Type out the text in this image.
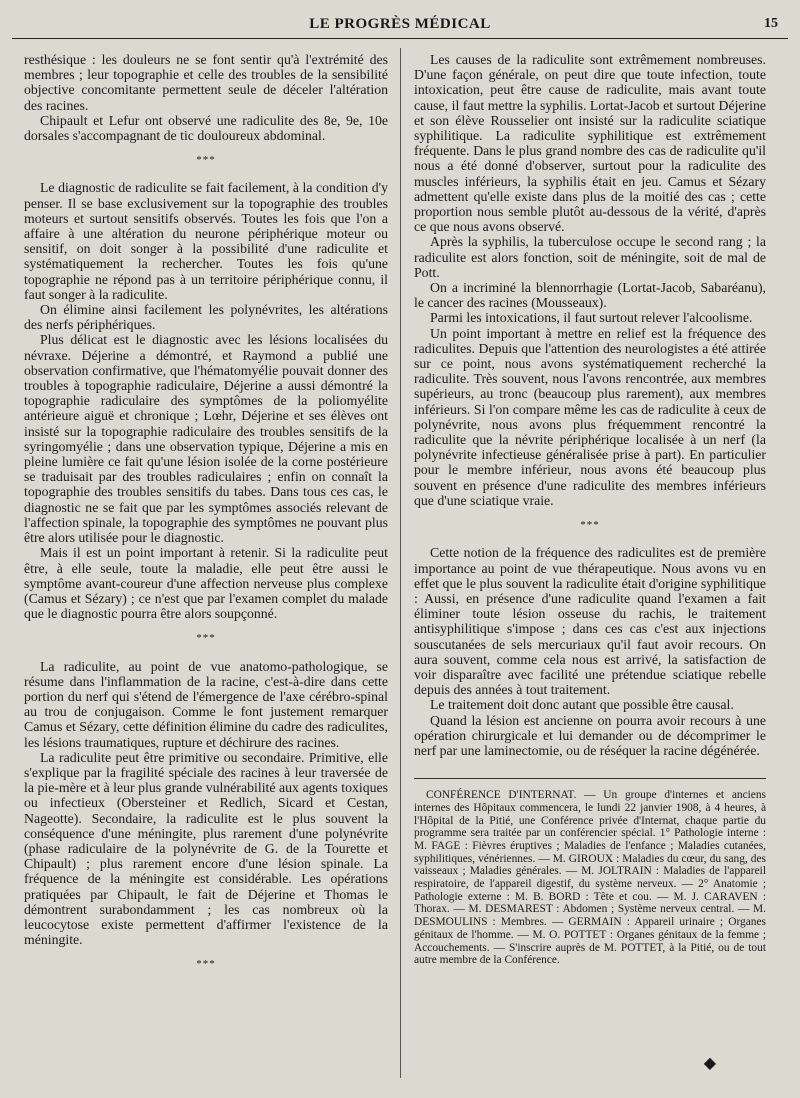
LE PROGRÈS MÉDICAL	15

resthésique : les douleurs ne se font sentir qu'à l'extrémité des membres ; leur topographie et celle des troubles de la sensibilité objective concomitante permettent seule de déceler l'altération des racines.

Chipault et Lefur ont observé une radiculite des 8e, 9e, 10e dorsales s'accompagnant de tic douloureux abdominal.

***

Le diagnostic de radiculite se fait facilement, à la condition d'y penser. Il se base exclusivement sur la topographie des troubles moteurs et surtout sensitifs observés. Toutes les fois que l'on a affaire à une altération du neurone périphérique moteur ou sensitif, on doit songer à la possibilité d'une radiculite et systématiquement la rechercher. Toutes les fois qu'une topographie ne répond pas à un territoire périphérique connu, il faut songer à la radiculite.

On élimine ainsi facilement les polynévrites, les altérations des nerfs périphériques.

Plus délicat est le diagnostic avec les lésions localisées du névraxe. Déjerine a démontré, et Raymond a publié une observation confirmative, que l'hématomyélie pouvait donner des troubles à topographie radiculaire, Déjerine a aussi démontré la topographie radiculaire des symptômes de la poliomyélite antérieure aiguë et chronique ; Lœhr, Déjerine et ses élèves ont insisté sur la topographie radiculaire des troubles sensitifs de la syringomyélie ; dans une observation typique, Déjerine a mis en pleine lumière ce fait qu'une lésion isolée de la corne postérieure se traduisait par des troubles radiculaires ; enfin on connaît la topographie des troubles sensitifs du tabes. Dans tous ces cas, le diagnostic ne se fait que par les symptômes associés relevant de l'affection spinale, la topographie des symptômes ne pouvant plus être alors utilisée pour le diagnostic.

Mais il est un point important à retenir. Si la radiculite peut être, à elle seule, toute la maladie, elle peut être aussi le symptôme avant-coureur d'une affection nerveuse plus complexe (Camus et Sézary) ; ce n'est que par l'examen complet du malade que le diagnostic pourra être alors soupçonné.

***

La radiculite, au point de vue anatomo-pathologique, se résume dans l'inflammation de la racine, c'est-à-dire dans cette portion du nerf qui s'étend de l'émergence de l'axe cérébro-spinal au trou de conjugaison. Comme le font justement remarquer Camus et Sézary, cette définition élimine du cadre des radiculites, les lésions traumatiques, rupture et déchirure des racines.

La radiculite peut être primitive ou secondaire. Primitive, elle s'explique par la fragilité spéciale des racines à leur traversée de la pie-mère et à leur plus grande vulnérabilité aux agents toxiques ou infectieux (Obersteiner et Redlich, Sicard et Cestan, Nageotte). Secondaire, la radiculite est le plus souvent la conséquence d'une méningite, plus rarement d'une polynévrite (phase radiculaire de la polynévrite de G. de la Tourette et Chipault) ; plus rarement encore d'une lésion spinale. La fréquence de la méningite est considérable. Les opérations pratiquées par Chipault, le fait de Déjerine et Thomas le démontrent surabondamment ; les cas nombreux où la leucocytose existe permettent d'affirmer l'existence de la méningite.

***

Les causes de la radiculite sont extrêmement nombreuses. D'une façon générale, on peut dire que toute infection, toute intoxication, peut être cause de radiculite, mais avant toute cause, il faut mettre la syphilis. Lortat-Jacob et surtout Déjerine et son élève Rousselier ont insisté sur la radiculite sciatique syphilitique. La radiculite syphilitique est extrêmement fréquente. Dans le plus grand nombre des cas de radiculite qu'il nous a été donné d'observer, surtout pour la radiculite des muscles inférieurs, la syphilis était en jeu. Camus et Sézary admettent qu'elle existe dans plus de la moitié des cas ; cette proportion nous semble plutôt au-dessous de la vérité, d'après ce que nous avons observé.

Après la syphilis, la tuberculose occupe le second rang ; la radiculite est alors fonction, soit de méningite, soit de mal de Pott.

On a incriminé la blennorrhagie (Lortat-Jacob, Sabaréanu), le cancer des racines (Mousseaux).

Parmi les intoxications, il faut surtout relever l'alcoolisme.

Un point important à mettre en relief est la fréquence des radiculites. Depuis que l'attention des neurologistes a été attirée sur ce point, nous avons systématiquement recherché la radiculite. Très souvent, nous l'avons rencontrée, aux membres supérieurs, au tronc (beaucoup plus rarement), aux membres inférieurs. Si l'on compare même les cas de radiculite à ceux de polynévrite, nous avons plus fréquemment rencontré la radiculite que la névrite périphérique localisée à un nerf (la polynévrite infectieuse généralisée prise à part). En particulier pour le membre inférieur, nous avons été beaucoup plus souvent en présence d'une radiculite des membres inférieurs que d'une sciatique vraie.

***

Cette notion de la fréquence des radiculites est de première importance au point de vue thérapeutique. Nous avons vu en effet que le plus souvent la radiculite était d'origine syphilitique : Aussi, en présence d'une radiculite quand l'examen a fait éliminer toute lésion osseuse du rachis, le traitement antisyphilitique s'impose ; dans ces cas c'est aux injections souscutanées de sels mercuriaux qu'il faut avoir recours. On aura souvent, comme cela nous est arrivé, la satisfaction de voir disparaître avec facilité une prétendue sciatique rebelle depuis des années à tout traitement.

Le traitement doit donc autant que possible être causal.

Quand la lésion est ancienne on pourra avoir recours à une opération chirurgicale et lui demander ou de décomprimer le nerf par une laminectomie, ou de réséquer la racine dégénérée.

CONFÉRENCE D'INTERNAT. — Un groupe d'internes et anciens internes des Hôpitaux commencera, le lundi 22 janvier 1908, à 4 heures, à l'Hôpital de la Pitié, une Conférence privée d'Internat, chaque partie du programme sera traitée par un conférencier spécial. 1° Pathologie interne : M. FAGE : Fièvres éruptives ; Maladies de l'enfance ; Maladies cutanées, syphilitiques, vénériennes. — M. GIROUX : Maladies du cœur, du sang, des vaisseaux ; Maladies générales. — M. JOLTRAIN : Maladies de l'appareil respiratoire, de l'appareil digestif, du système nerveux. — 2° Anatomie ; Pathologie externe : M. B. BORD : Tête et cou. — M. J. CARAVEN : Thorax. — M. DESMAREST : Abdomen ; Système nerveux central. — M. DESMOULINS : Membres. — GERMAIN : Appareil urinaire ; Organes génitaux de l'homme. — M. O. POTTET : Organes génitaux de la femme ; Accouchements. — S'inscrire auprès de M. POTTET, à la Pitié, ou de tout autre membre de la Conférence.

◆
